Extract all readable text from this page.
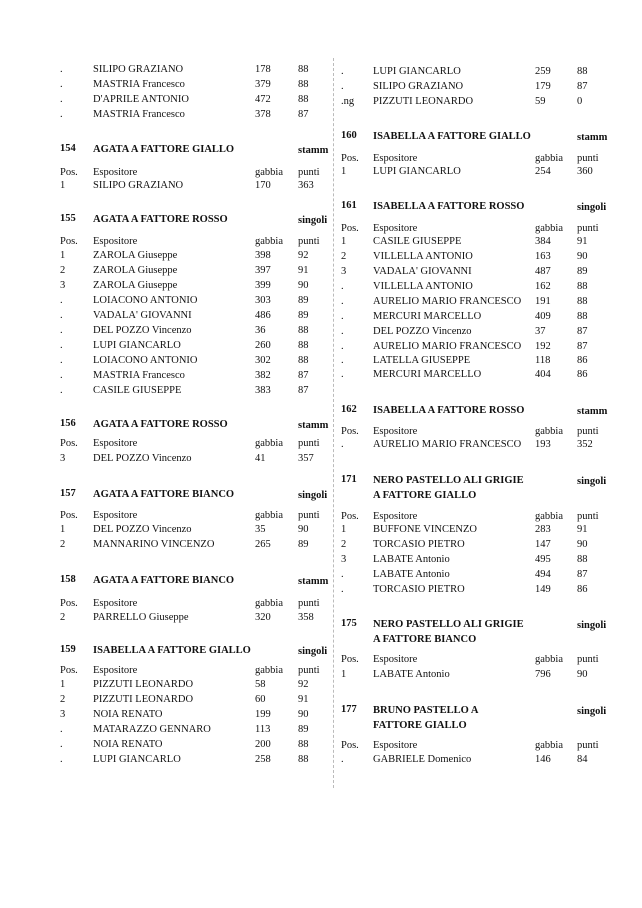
.	SILIPO GRAZIANO	178	88
.	MASTRIA Francesco	379	88
.	D'APRILE ANTONIO	472	88
.	MASTRIA Francesco	378	87
154 AGATA A FATTORE GIALLO	stamm
Pos. Espositore	gabbia punti
1	SILIPO GRAZIANO	170	363
155 AGATA A FATTORE ROSSO	singoli
Pos. Espositore	gabbia punti
1	ZAROLA Giuseppe	398	92
2	ZAROLA Giuseppe	397	91
3	ZAROLA Giuseppe	399	90
.	LOIACONO ANTONIO	303	89
.	VADALA' GIOVANNI	486	89
.	DEL POZZO Vincenzo	36	88
.	LUPI GIANCARLO	260	88
.	LOIACONO ANTONIO	302	88
.	MASTRIA Francesco	382	87
.	CASILE GIUSEPPE	383	87
156 AGATA A FATTORE ROSSO	stamm
Pos. Espositore	gabbia punti
3	DEL POZZO Vincenzo	41	357
157 AGATA A FATTORE BIANCO	singoli
Pos. Espositore	gabbia punti
1	DEL POZZO Vincenzo	35	90
2	MANNARINO VINCENZO	265	89
158 AGATA A FATTORE BIANCO	stamm
Pos. Espositore	gabbia punti
2	PARRELLO Giuseppe	320	358
159 ISABELLA A FATTORE GIALLO	singoli
Pos. Espositore	gabbia punti
1	PIZZUTI LEONARDO	58	92
2	PIZZUTI LEONARDO	60	91
3	NOIA RENATO	199	90
.	MATARAZZO GENNARO	113	89
.	NOIA RENATO	200	88
.	LUPI GIANCARLO	258	88
.	LUPI GIANCARLO	259	88
.	SILIPO GRAZIANO	179	87
.ng PIZZUTI LEONARDO	59	0
160 ISABELLA A FATTORE GIALLO	stamm
Pos. Espositore	gabbia punti
1	LUPI GIANCARLO	254	360
161 ISABELLA A FATTORE ROSSO	singoli
Pos. Espositore	gabbia punti
1	CASILE GIUSEPPE	384	91
2	VILLELLA ANTONIO	163	90
3	VADALA' GIOVANNI	487	89
.	VILLELLA ANTONIO	162	88
.	AURELIO MARIO FRANCESCO 191	88
.	MERCURI MARCELLO	409	88
.	DEL POZZO Vincenzo	37	87
.	AURELIO MARIO FRANCESCO 192	87
.	LATELLA GIUSEPPE	118	86
.	MERCURI MARCELLO	404	86
162 ISABELLA A FATTORE ROSSO	stamm
Pos. Espositore	gabbia punti
.	AURELIO MARIO FRANCESCO 193	352
171 NERO PASTELLO ALI GRIGIE
A FATTORE GIALLO
singoli
Pos. Espositore	gabbia punti
1	BUFFONE VINCENZO	283	91
2	TORCASIO PIETRO	147	90
3	LABATE Antonio	495	88
.	LABATE Antonio	494	87
.	TORCASIO PIETRO	149	86
175 NERO PASTELLO ALI GRIGIE
A FATTORE BIANCO
singoli
Pos. Espositore	gabbia punti
1	LABATE Antonio	796	90
177 BRUNO PASTELLO A
FATTORE GIALLO
singoli
Pos. Espositore	gabbia punti
.	GABRIELE Domenico	146	84
